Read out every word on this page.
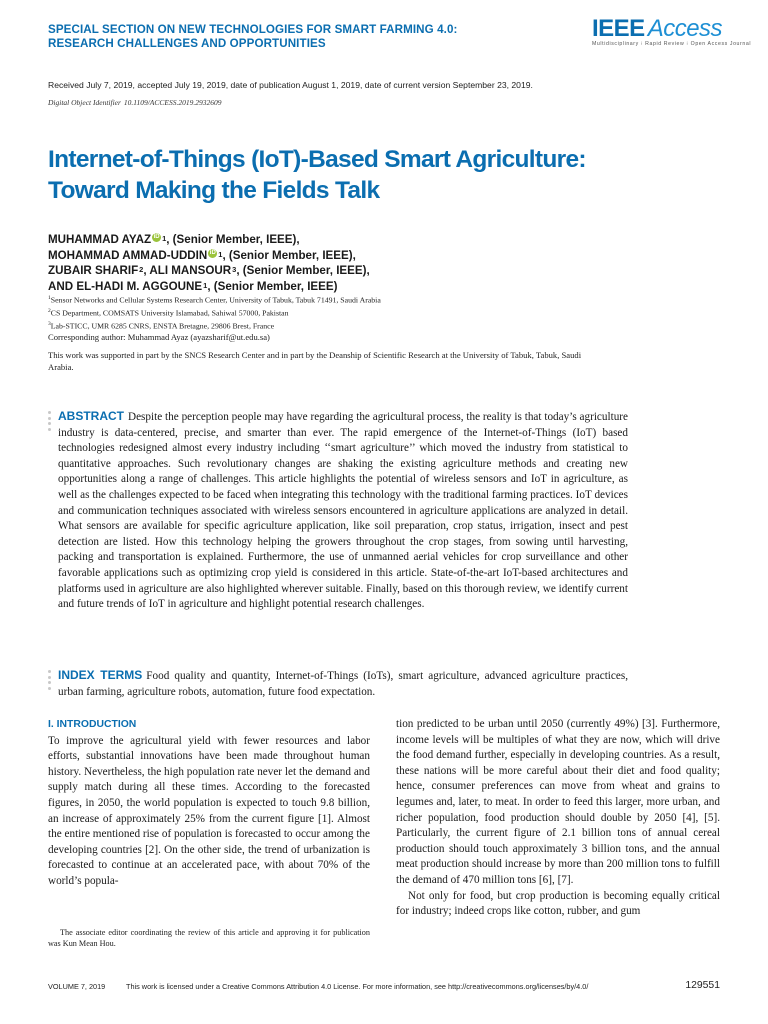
SPECIAL SECTION ON NEW TECHNOLOGIES FOR SMART FARMING 4.0:
RESEARCH CHALLENGES AND OPPORTUNITIES
IEEE Access
Multidisciplinary ⁝ Rapid Review ⁝ Open Access Journal
Received July 7, 2019, accepted July 19, 2019, date of publication August 1, 2019, date of current version September 23, 2019.
Digital Object Identifier 10.1109/ACCESS.2019.2932609
Internet-of-Things (IoT)-Based Smart Agriculture:
Toward Making the Fields Talk
MUHAMMAD AYAZ iD $^1$, (Senior Member, IEEE),
MOHAMMAD AMMAD-UDDIN iD $^1$, (Senior Member, IEEE),
ZUBAIR SHARIF$^2$, ALI MANSOUR$^3$, (Senior Member, IEEE),
AND EL-HADI M. AGGOUNE$^1$, (Senior Member, IEEE)
$^1$Sensor Networks and Cellular Systems Research Center, University of Tabuk, Tabuk 71491, Saudi Arabia
$^2$CS Department, COMSATS University Islamabad, Sahiwal 57000, Pakistan
$^3$Lab-STICC, UMR 6285 CNRS, ENSTA Bretagne, 29806 Brest, France
Corresponding author: Muhammad Ayaz (ayazsharif@ut.edu.sa)
This work was supported in part by the SNCS Research Center and in part by the Deanship of Scientific Research at the University of Tabuk, Tabuk, Saudi Arabia.
ABSTRACT Despite the perception people may have regarding the agricultural process, the reality is that today’s agriculture industry is data-centered, precise, and smarter than ever. The rapid emergence of the Internet-of-Things (IoT) based technologies redesigned almost every industry including ‘‘smart agriculture’’ which moved the industry from statistical to quantitative approaches. Such revolutionary changes are shaking the existing agriculture methods and creating new opportunities along a range of challenges. This article highlights the potential of wireless sensors and IoT in agriculture, as well as the challenges expected to be faced when integrating this technology with the traditional farming practices. IoT devices and communication techniques associated with wireless sensors encountered in agriculture applications are analyzed in detail. What sensors are available for specific agriculture application, like soil preparation, crop status, irrigation, insect and pest detection are listed. How this technology helping the growers throughout the crop stages, from sowing until harvesting, packing and transportation is explained. Furthermore, the use of unmanned aerial vehicles for crop surveillance and other favorable applications such as optimizing crop yield is considered in this article. State-of-the-art IoT-based architectures and platforms used in agriculture are also highlighted wherever suitable. Finally, based on this thorough review, we identify current and future trends of IoT in agriculture and highlight potential research challenges.
INDEX TERMS Food quality and quantity, Internet-of-Things (IoTs), smart agriculture, advanced agriculture practices, urban farming, agriculture robots, automation, future food expectation.
I. INTRODUCTION

To improve the agricultural yield with fewer resources and labor efforts, substantial innovations have been made throughout human history. Nevertheless, the high population rate never let the demand and supply match during all these times. According to the forecasted figures, in 2050, the world population is expected to touch 9.8 billion, an increase of approximately 25% from the current figure [1]. Almost the entire mentioned rise of population is forecasted to occur among the developing countries [2]. On the other side, the trend of urbanization is forecasted to continue at an accelerated pace, with about 70% of the world’s popula-

The associate editor coordinating the review of this article and approving it for publication was Kun Mean Hou.

tion predicted to be urban until 2050 (currently 49%) [3]. Furthermore, income levels will be multiples of what they are now, which will drive the food demand further, especially in developing countries. As a result, these nations will be more careful about their diet and food quality; hence, consumer preferences can move from wheat and grains to legumes and, later, to meat. In order to feed this larger, more urban, and richer population, food production should double by 2050 [4], [5]. Particularly, the current figure of 2.1 billion tons of annual cereal production should touch approximately 3 billion tons, and the annual meat production should increase by more than 200 million tons to fulfill the demand of 470 million tons [6], [7].

Not only for food, but crop production is becoming equally critical for industry; indeed crops like cotton, rubber, and gum

VOLUME 7, 2019	This work is licensed under a Creative Commons Attribution 4.0 License. For more information, see http://creativecommons.org/licenses/by/4.0/	129551
